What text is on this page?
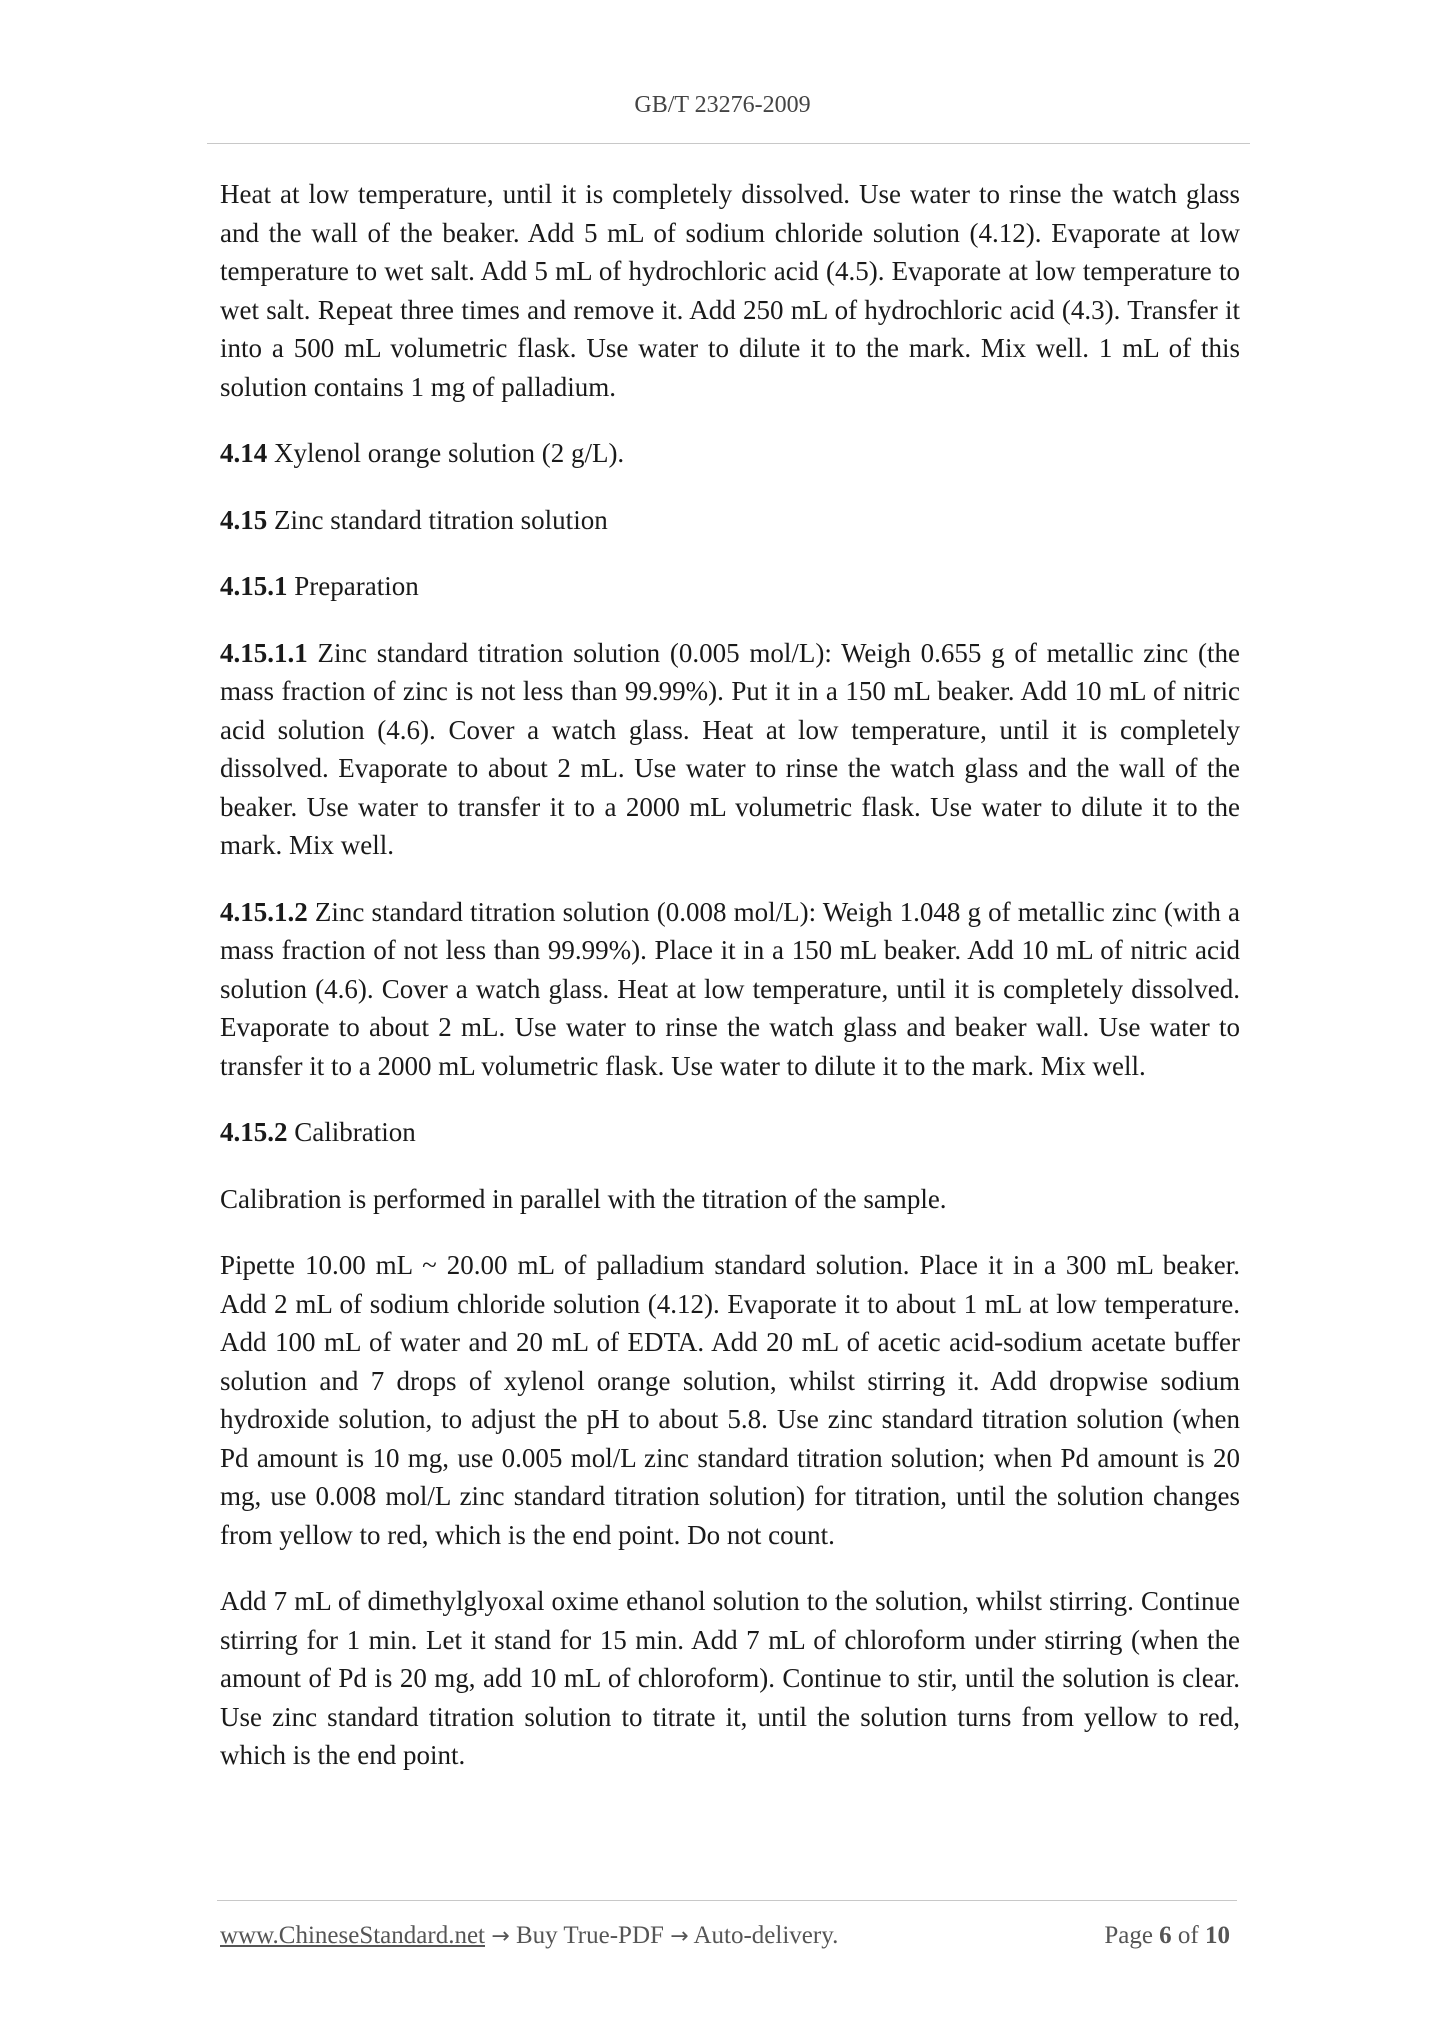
GB/T 23276-2009

Heat at low temperature, until it is completely dissolved. Use water to rinse the watch glass and the wall of the beaker. Add 5 mL of sodium chloride solution (4.12). Evaporate at low temperature to wet salt. Add 5 mL of hydrochloric acid (4.5). Evaporate at low temperature to wet salt. Repeat three times and remove it. Add 250 mL of hydrochloric acid (4.3). Transfer it into a 500 mL volumetric flask. Use water to dilute it to the mark. Mix well. 1 mL of this solution contains 1 mg of palladium.

4.14 Xylenol orange solution (2 g/L).

4.15 Zinc standard titration solution

4.15.1 Preparation

4.15.1.1 Zinc standard titration solution (0.005 mol/L): Weigh 0.655 g of metallic zinc (the mass fraction of zinc is not less than 99.99%). Put it in a 150 mL beaker. Add 10 mL of nitric acid solution (4.6). Cover a watch glass. Heat at low temperature, until it is completely dissolved. Evaporate to about 2 mL. Use water to rinse the watch glass and the wall of the beaker. Use water to transfer it to a 2000 mL volumetric flask. Use water to dilute it to the mark. Mix well.

4.15.1.2 Zinc standard titration solution (0.008 mol/L): Weigh 1.048 g of metallic zinc (with a mass fraction of not less than 99.99%). Place it in a 150 mL beaker. Add 10 mL of nitric acid solution (4.6). Cover a watch glass. Heat at low temperature, until it is completely dissolved. Evaporate to about 2 mL. Use water to rinse the watch glass and beaker wall. Use water to transfer it to a 2000 mL volumetric flask. Use water to dilute it to the mark. Mix well.

4.15.2 Calibration

Calibration is performed in parallel with the titration of the sample.

Pipette 10.00 mL ~ 20.00 mL of palladium standard solution. Place it in a 300 mL beaker. Add 2 mL of sodium chloride solution (4.12). Evaporate it to about 1 mL at low temperature. Add 100 mL of water and 20 mL of EDTA. Add 20 mL of acetic acid-sodium acetate buffer solution and 7 drops of xylenol orange solution, whilst stirring it. Add dropwise sodium hydroxide solution, to adjust the pH to about 5.8. Use zinc standard titration solution (when Pd amount is 10 mg, use 0.005 mol/L zinc standard titration solution; when Pd amount is 20 mg, use 0.008 mol/L zinc standard titration solution) for titration, until the solution changes from yellow to red, which is the end point. Do not count.

Add 7 mL of dimethylglyoxal oxime ethanol solution to the solution, whilst stirring. Continue stirring for 1 min. Let it stand for 15 min. Add 7 mL of chloroform under stirring (when the amount of Pd is 20 mg, add 10 mL of chloroform). Continue to stir, until the solution is clear. Use zinc standard titration solution to titrate it, until the solution turns from yellow to red, which is the end point.

www.ChineseStandard.net → Buy True-PDF → Auto-delivery.	Page 6 of 10
